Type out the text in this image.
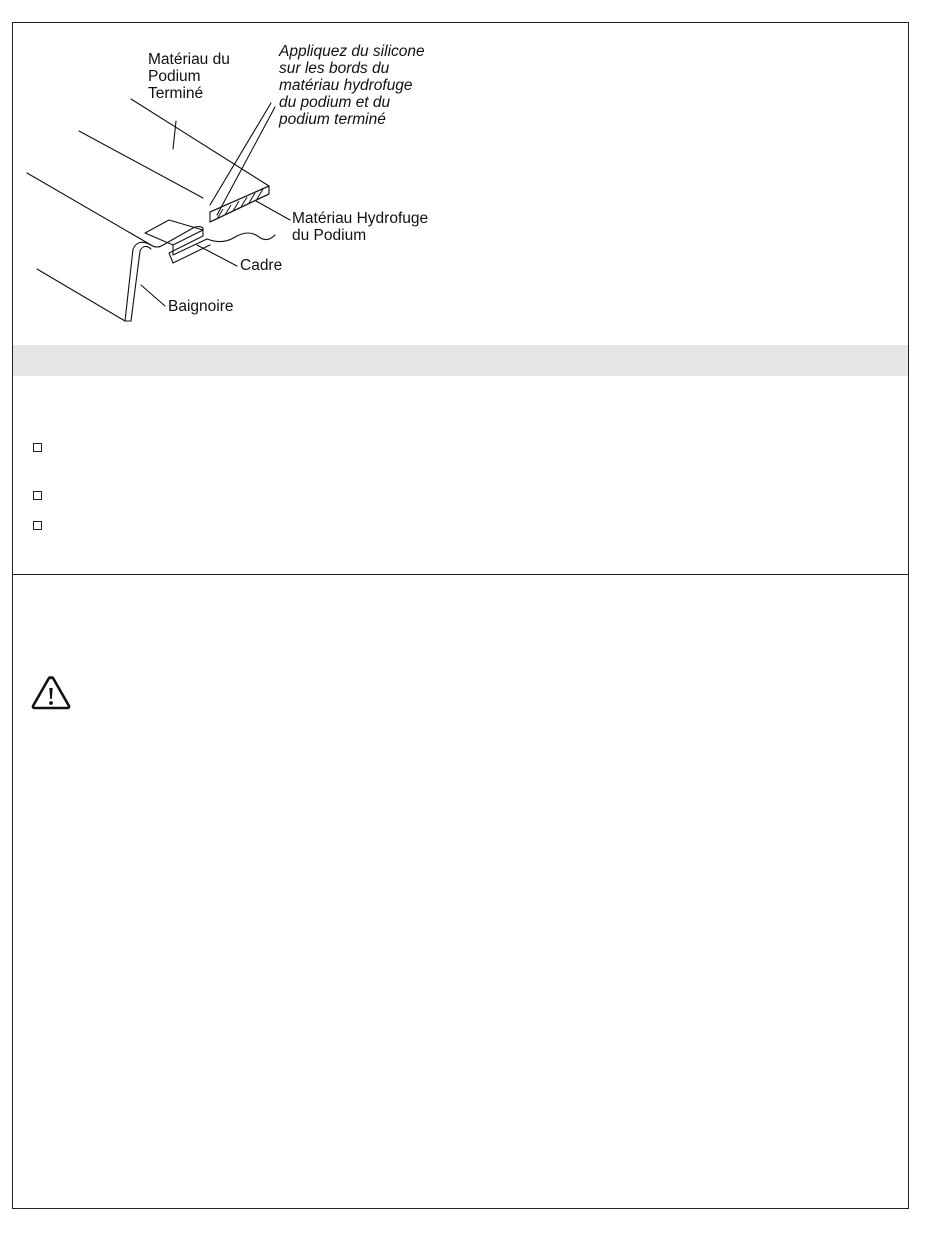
Matériau du
Podium
Terminé
Appliquez du silicone
sur les bords du
matériau hydrofuge
du podium et du
podium terminé
Matériau Hydrofuge
du Podium
Cadre
Baignoire
